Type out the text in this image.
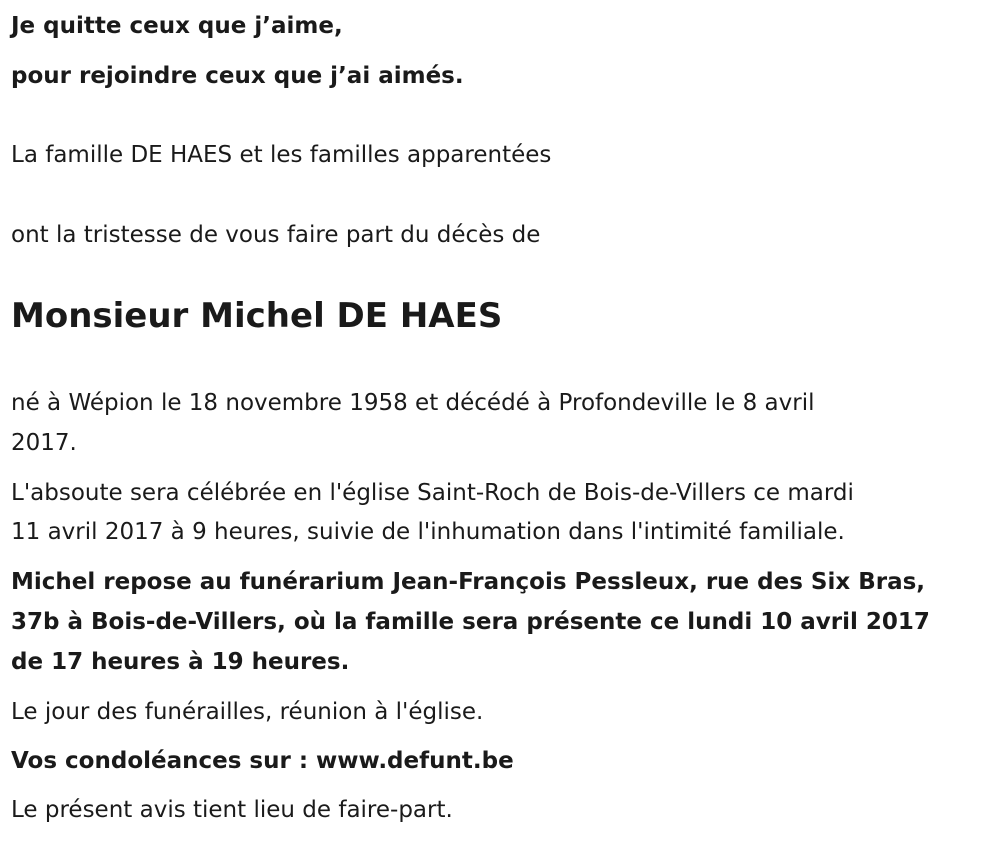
Je quitte ceux que j’aime,

pour rejoindre ceux que j’ai aimés.

La famille DE HAES et les familles apparentées

ont la tristesse de vous faire part du décès de

Monsieur Michel DE HAES

né à Wépion le 18 novembre 1958 et décédé à Profondeville le 8 avril

2017.

L'absoute sera célébrée en l'église Saint-Roch de Bois-de-Villers ce mardi

11 avril 2017 à 9 heures, suivie de l'inhumation dans l'intimité familiale.

Michel repose au funérarium Jean-François Pessleux, rue des Six Bras,

37b à Bois-de-Villers, où la famille sera présente ce lundi 10 avril 2017

de 17 heures à 19 heures.

Le jour des funérailles, réunion à l'église.

Vos condoléances sur : www.defunt.be

Le présent avis tient lieu de faire-part.
